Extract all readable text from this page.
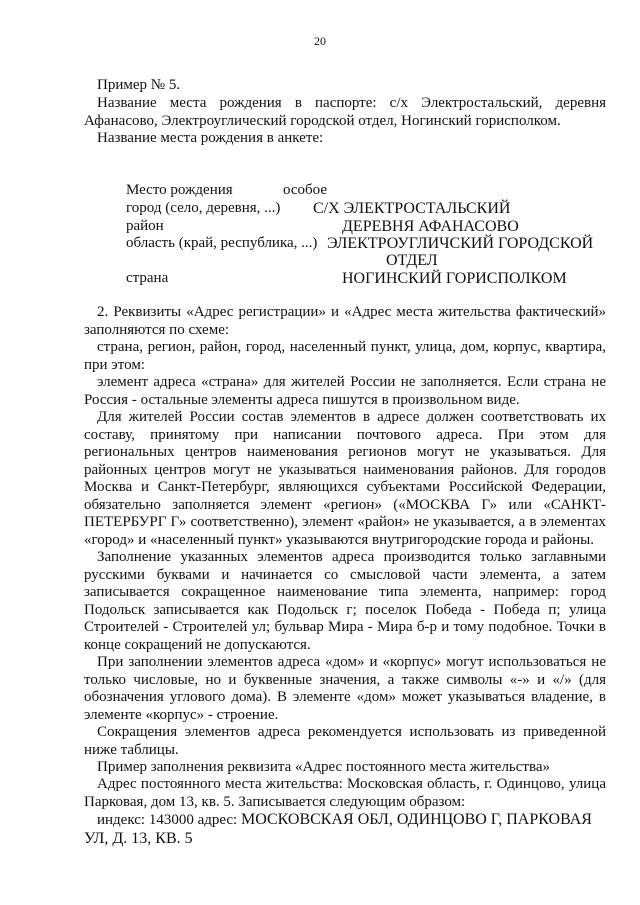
20
Пример № 5.
Название места рождения в паспорте: с/х Электростальский, деревня Афанасово, Электроуглический городской отдел, Ногинский горисполком.
Название места рождения в анкете:
Место рождения	особое
город (село, деревня, ...) С/Х ЭЛЕКТРОСТАЛЬСКИЙ
район	ДЕРЕВНЯ АФАНАСОВО
область (край, республика, ...) ЭЛЕКТРОУГЛИЧСКИЙ ГОРОДСКОЙ
ОТДЕЛ
страна	НОГИНСКИЙ ГОРИСПОЛКОМ
2. Реквизиты «Адрес регистрации» и «Адрес места жительства фактический» заполняются по схеме:
страна, регион, район, город, населенный пункт, улица, дом, корпус, квартира, при этом:
элемент адреса «страна» для жителей России не заполняется. Если страна не Россия - остальные элементы адреса пишутся в произвольном виде.
Для жителей России состав элементов в адресе должен соответствовать их составу, принятому при написании почтового адреса. При этом для региональных центров наименования регионов могут не указываться. Для районных центров могут не указываться наименования районов. Для городов Москва и Санкт-Петербург, являющихся субъектами Российской Федерации, обязательно заполняется элемент «регион» («МОСКВА Г» или «САНКТ-ПЕТЕРБУРГ Г» соответственно), элемент «район» не указывается, а в элементах «город» и «населенный пункт» указываются внутригородские города и районы.
Заполнение указанных элементов адреса производится только заглавными русскими буквами и начинается со смысловой части элемента, а затем записывается сокращенное наименование типа элемента, например: город Подольск записывается как Подольск г; поселок Победа - Победа п; улица Строителей - Строителей ул; бульвар Мира - Мира б-р и тому подобное. Точки в конце сокращений не допускаются.
При заполнении элементов адреса «дом» и «корпус» могут использоваться не только числовые, но и буквенные значения, а также символы «-» и «/» (для обозначения углового дома). В элементе «дом» может указываться владение, в элементе «корпус» - строение.
Сокращения элементов адреса рекомендуется использовать из приведенной ниже таблицы.
Пример заполнения реквизита «Адрес постоянного места жительства»
Адрес постоянного места жительства: Московская область, г. Одинцово, улица Парковая, дом 13, кв. 5. Записывается следующим образом:
индекс: 143000 адрес: МОСКОВСКАЯ ОБЛ, ОДИНЦОВО Г, ПАРКОВАЯ УЛ, Д. 13, КВ. 5
